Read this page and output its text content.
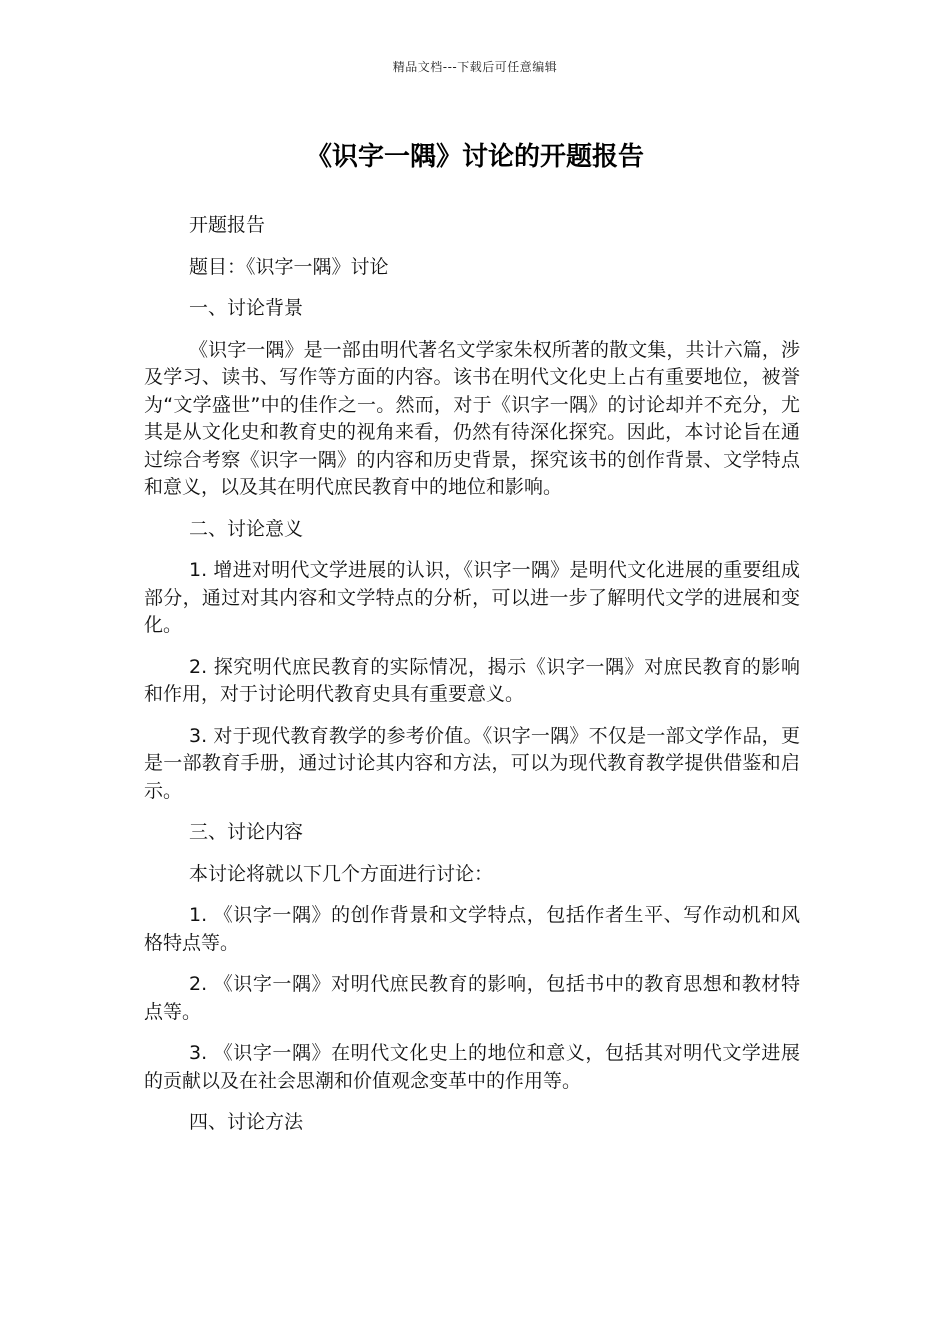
精品文档---下载后可任意编辑
《识字一隅》讨论的开题报告

开题报告

题目：《识字一隅》讨论

一、讨论背景

《识字一隅》是一部由明代著名文学家朱权所著的散文集，共计六篇，涉及学习、读书、写作等方面的内容。该书在明代文化史上占有重要地位，被誉为“文学盛世”中的佳作之一。然而，对于《识字一隅》的讨论却并不充分，尤其是从文化史和教育史的视角来看，仍然有待深化探究。因此，本讨论旨在通过综合考察《识字一隅》的内容和历史背景，探究该书的创作背景、文学特点和意义，以及其在明代庶民教育中的地位和影响。

二、讨论意义

1. 增进对明代文学进展的认识，《识字一隅》是明代文化进展的重要组成部分，通过对其内容和文学特点的分析，可以进一步了解明代文学的进展和变化。

2. 探究明代庶民教育的实际情况，揭示《识字一隅》对庶民教育的影响和作用，对于讨论明代教育史具有重要意义。

3. 对于现代教育教学的参考价值。《识字一隅》不仅是一部文学作品，更是一部教育手册，通过讨论其内容和方法，可以为现代教育教学提供借鉴和启示。

三、讨论内容

本讨论将就以下几个方面进行讨论：

1. 《识字一隅》的创作背景和文学特点，包括作者生平、写作动机和风格特点等。

2. 《识字一隅》对明代庶民教育的影响，包括书中的教育思想和教材特点等。

3. 《识字一隅》在明代文化史上的地位和意义，包括其对明代文学进展的贡献以及在社会思潮和价值观念变革中的作用等。

四、讨论方法
